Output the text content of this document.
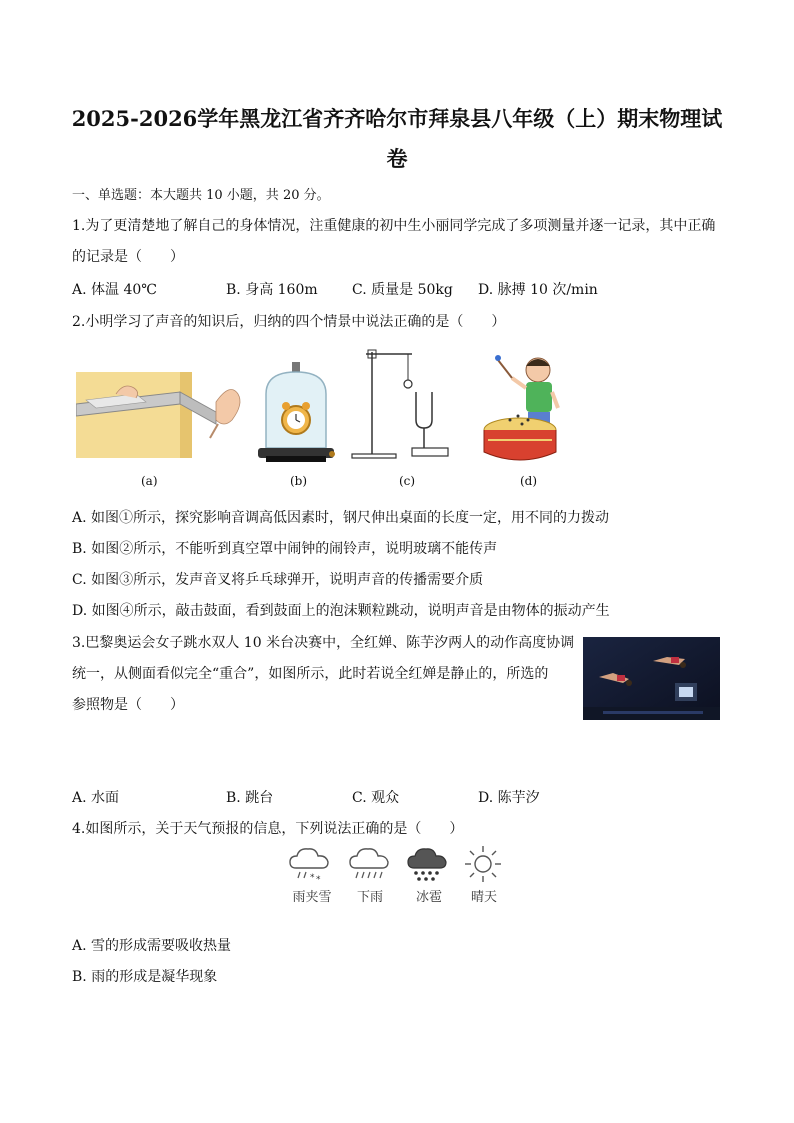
2025-2026学年黑龙江省齐齐哈尔市拜泉县八年级（上）期末物理试
卷
一、单选题：本大题共 10 小题，共 20 分。
1.为了更清楚地了解自己的身体情况，注重健康的初中生小丽同学完成了多项测量并逐一记录，其中正确
的记录是（　　）
A. 体温 40℃	B. 身高 160m C. 质量是 50kg D. 脉搏 10 次/min
2.小明学习了声音的知识后，归纳的四个情景中说法正确的是（　　）
(a)	(b)	(c)	(d)
A. 如图①所示，探究影响音调高低因素时，钢尺伸出桌面的长度一定，用不同的力拨动
B. 如图②所示，不能听到真空罩中闹钟的闹铃声，说明玻璃不能传声
C. 如图③所示，发声音叉将乒乓球弹开，说明声音的传播需要介质
D. 如图④所示，敲击鼓面，看到鼓面上的泡沫颗粒跳动，说明声音是由物体的振动产生
3.巴黎奥运会女子跳水双人 10 米台决赛中，全红婵、陈芋汐两人的动作高度协调
统一，从侧面看似完全“重合”，如图所示，此时若说全红婵是静止的，所选的
参照物是（　　）
A. 水面	B. 跳台	C. 观众	D. 陈芋汐
4.如图所示，关于天气预报的信息，下列说法正确的是（　　）
* *
雨夹雪	下雨	冰雹	晴天
A. 雪的形成需要吸收热量
B. 雨的形成是凝华现象
